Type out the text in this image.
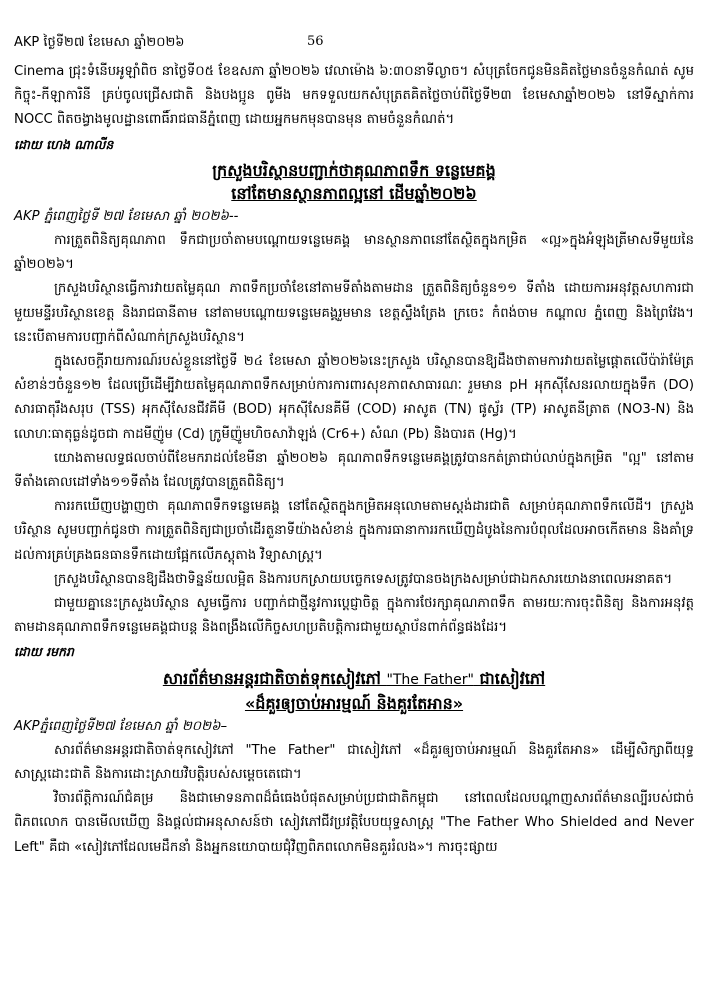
AKP ថ្ងៃទី២៧ ខែមេសា ឆ្នាំ២០២៦	56

Cinema ជ្រុះទំនើបអូឡាំពិច នាថ្ងៃទី០៥ ខែឧសភា ឆ្នាំ២០២៦ វេលាម៉ោង ៦:៣០នាទីល្ងាច។ សំបុត្រចែកជូនមិនគិតថ្លៃមានចំនួនកំណត់ សូមកិច្ចុះ-កីឡាការិនី គ្រប់ចូលជ្រើសជាតិ និងបងប្អូន ពូមីង មកទទួលយកសំបុត្រតគិតថ្លៃចាប់ពីថ្ងៃទី២៣ ខែមេសាឆ្នាំ២០២៦ នៅទីស្នាក់ការ NOCC ពិតចង្វាងមូលដ្ឋានពោធិ៍រាជធានីភ្នំពេញ ដោយអ្នកមកមុនបានមុន តាមចំនួនកំណត់។

ដោយ ហេង ណាលីន

ក្រសួងបរិស្ថានបញ្ជាក់ថាគុណភាពទឹក ទន្លេមេគង្គ

នៅតែមានស្ថានភាពល្អនៅ ដើមឆ្នាំ២០២៦

AKP ភ្នំពេញថ្ងៃទី ២៧ ខែមេសា ឆ្នាំ ២០២៦--

ការត្រួតពិនិត្យគុណភាព ទឹកជាប្រចាំតាមបណ្តោយទន្លេមេគង្គ មានស្ថានភាពនៅតែស្ថិតក្នុងកម្រិត «ល្អ»ក្នុងអំឡុងត្រីមាសទីមួយនៃឆ្នាំ២០២៦។

ក្រសួងបរិស្ថានធ្វើការវាយតម្លៃគុណ ភាពទឹកប្រចាំខែនៅតាមទីតាំងតាមដាន ត្រួតពិនិត្យចំនួន១១ ទីតាំង ដោយការអនុវត្តសហការជាមួយមន្ទីរបរិស្ថានខេត្ត និងរាជធានីតាម នៅតាមបណ្តោយទន្លេមេគង្គរួមមាន ខេត្តស្ទឹងត្រែង ក្រចេះ កំពង់ចាម កណ្តាល ភ្នំពេញ និងព្រៃវែង។នេះបើតាមការបញ្ជាក់ពីសំណាក់ក្រសួងបរិស្ថាន។

ក្នុងសេចក្តីរាយការណ៍របស់ខ្លួននៅថ្ងៃទី ២៤ ខែមេសា ឆ្នាំ២០២៦នេះក្រសួង បរិស្ថានបានឱ្យដឹងថាតាមការវាយតម្លៃផ្តោតលើប៉ារ៉ាម៉ែត្រសំខាន់ៗចំនួន១២ ដែលប្រើដើម្បីវាយតម្លៃគុណភាពទឹកសម្រាប់ការការពារសុខភាពសាធារណៈ រួមមាន pH អុកស៊ីសែនរលាយក្នុងទឹក (DO) សារធាតុរឹងសរុប (TSS) អុកស៊ីសែនជីវគីមី (BOD) អុកស៊ីសែនគីមី (COD) អាសូត (TN) ផូស្វ័រ (TP) អាសូតនីត្រាត (NO3-N) និងលោហៈធាតុធ្ងន់ដូចជា កាដមីញ៉ូម (Cd) ក្រូមីញ៉ូមហិចសាវ៉ាឡង់ (Cr6+) សំណ (Pb) និងបារត (Hg)។

យោងតាមលទ្ធផលចាប់ពីខែមករាដល់ខែមីនា ឆ្នាំ២០២៦ គុណភាពទឹកទន្លេមេគង្គត្រូវបានកត់ត្រាជាប់លាប់ក្នុងកម្រិត "ល្អ" នៅតាមទីតាំងគោលដៅទាំង១១ទីតាំង ដែលត្រូវបានត្រួតពិនិត្យ។

ការរកឃើញបង្ហាញថា គុណភាពទឹកទន្លេមេគង្គ នៅតែស្ថិតក្នុងកម្រិតអនុលោមតាមស្តង់ដារជាតិ សម្រាប់គុណភាពទឹកលើដី។ ក្រសួងបរិស្ថាន សូមបញ្ជាក់ជូនថា ការត្រួតពិនិត្យជាប្រចាំដើរតួនាទីយ៉ាងសំខាន់ ក្នុងការធានាការរកឃើញដំបូងនៃការបំពុលដែលអាចកើតមាន និងគាំទ្រដល់ការគ្រប់គ្រងធនធានទឹកដោយផ្អែកលើភស្តុតាង វិទ្យាសាស្ត្រ។

ក្រសួងបរិស្ថានបានឱ្យដឹងថាទិន្នន័យលម្អិត និងការបកស្រាយបច្ចេកទេសត្រូវបានចងក្រងសម្រាប់ជាឯកសារយោងនាពេលអនាគត។

ជាមួយគ្នានេះក្រសួងបរិស្ថាន សូមធ្វើការ បញ្ជាក់ជាថ្មីនូវការប្តេជ្ញាចិត្ត ក្នុងការថែរក្សាគុណភាពទឹក តាមរយៈការចុះពិនិត្យ និងការអនុវត្តតាមដានគុណភាពទឹកទន្លេមេគង្គជាបន្ត និងពង្រឹងលើកិច្ចសហប្រតិបត្តិការជាមួយស្ថាប័នពាក់ព័ន្ធផងដែរ។

ដោយ​ រមករា

សារព័ត៌មានអន្តរជាតិចាត់ទុកសៀវភៅ "The Father" ជាសៀវភៅ

«ដ៏គួរឲ្យចាប់អារម្មណ៍ និងគួរតែអាន»

AKPភ្នំពេញថ្ងៃទី២៧ ខែមេសា ឆ្នាំ ២០២៦–

សារព័ត៌មានអន្តរជាតិចាត់ទុកសៀវភៅ "The Father" ជាសៀវភៅ «ដ៏គួរឲ្យចាប់អារម្មណ៍ និងគួរតែអាន» ដើម្បីសិក្សាពីយុទ្ធសាស្ត្រដោះជាតិ និងការដោះស្រាយវិបត្តិរបស់សម្តេចតេជោ។

វិចារព័ត្តិការណ៍ជំគម្រ និងជាមោទនភាពដ៏ធំធេងបំផុតសម្រាប់ប្រជាជាតិកម្ពុជា នៅពេលដែលបណ្តាញសារព័ត៌មានល្បីរបស់ជាច់ពិភពលោក បានមើលឃើញ និងផ្តល់ជាអនុសាសន៍ថា សៀវភៅជីវប្រវត្តិបែបយុទ្ធសាស្ត្រ "The Father Who Shielded and Never Left" គឺជា «សៀវភៅដែលមេដឹកនាំ និងអ្នកនយោបាយជុំវិញពិភពលោកមិនគួររំលង»។ ការចុះផ្សាយ
